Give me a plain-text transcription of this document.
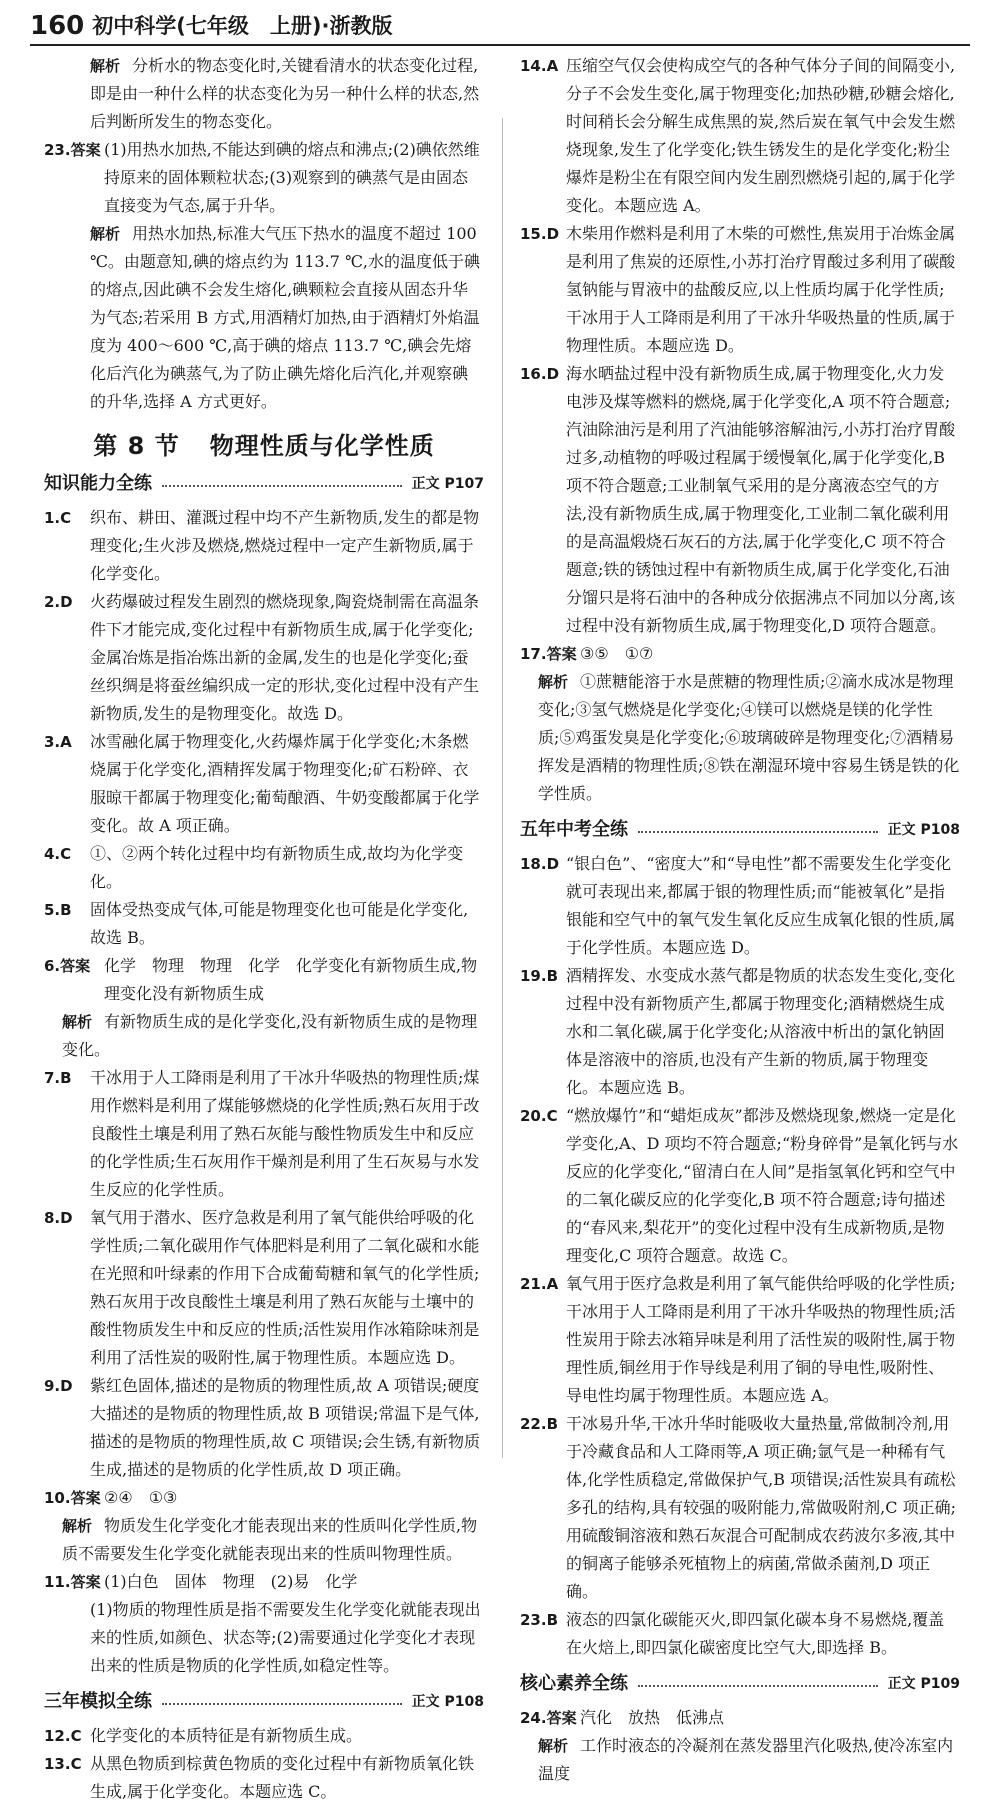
160 初中科学(七年级　上册)·浙教版

解析 分析水的物态变化时,关键看清水的状态变化过程,即是由一种什么样的状态变化为另一种什么样的状态,然后判断所发生的物态变化。

23.答案 (1)用热水加热,不能达到碘的熔点和沸点;(2)碘依然维持原来的固体颗粒状态;(3)观察到的碘蒸气是由固态直接变为气态,属于升华。

解析 用热水加热,标准大气压下热水的温度不超过 100 ℃。由题意知,碘的熔点约为 113.7 ℃,水的温度低于碘的熔点,因此碘不会发生熔化,碘颗粒会直接从固态升华为气态;若采用 B 方式,用酒精灯加热,由于酒精灯外焰温度为 400～600 ℃,高于碘的熔点 113.7 ℃,碘会先熔化后汽化为碘蒸气,为了防止碘先熔化后汽化,并观察碘的升华,选择 A 方式更好。

第 8 节 物理性质与化学性质
知识能力全练	正文 P107

1.C 织布、耕田、灌溉过程中均不产生新物质,发生的都是物理变化;生火涉及燃烧,燃烧过程中一定产生新物质,属于化学变化。

2.D 火药爆破过程发生剧烈的燃烧现象,陶瓷烧制需在高温条件下才能完成,变化过程中有新物质生成,属于化学变化;金属冶炼是指冶炼出新的金属,发生的也是化学变化;蚕丝织绸是将蚕丝编织成一定的形状,变化过程中没有产生新物质,发生的是物理变化。故选 D。

3.A 冰雪融化属于物理变化,火药爆炸属于化学变化;木条燃烧属于化学变化,酒精挥发属于物理变化;矿石粉碎、衣服晾干都属于物理变化;葡萄酿酒、牛奶变酸都属于化学变化。故 A 项正确。

4.C ①、②两个转化过程中均有新物质生成,故均为化学变化。

5.B 固体受热变成气体,可能是物理变化也可能是化学变化,故选 B。

6.答案 化学　物理　物理　化学　化学变化有新物质生成,物理变化没有新物质生成

解析 有新物质生成的是化学变化,没有新物质生成的是物理变化。

7.B 干冰用于人工降雨是利用了干冰升华吸热的物理性质;煤用作燃料是利用了煤能够燃烧的化学性质;熟石灰用于改良酸性土壤是利用了熟石灰能与酸性物质发生中和反应的化学性质;生石灰用作干燥剂是利用了生石灰易与水发生反应的化学性质。

8.D 氧气用于潜水、医疗急救是利用了氧气能供给呼吸的化学性质;二氧化碳用作气体肥料是利用了二氧化碳和水能在光照和叶绿素的作用下合成葡萄糖和氧气的化学性质;熟石灰用于改良酸性土壤是利用了熟石灰能与土壤中的酸性物质发生中和反应的性质;活性炭用作冰箱除味剂是利用了活性炭的吸附性,属于物理性质。本题应选 D。

9.D 紫红色固体,描述的是物质的物理性质,故 A 项错误;硬度大描述的是物质的物理性质,故 B 项错误;常温下是气体,描述的是物质的物理性质,故 C 项错误;会生锈,有新物质生成,描述的是物质的化学性质,故 D 项正确。

10.答案 ②④　①③

解析 物质发生化学变化才能表现出来的性质叫化学性质,物质不需要发生化学变化就能表现出来的性质叫物理性质。

11.答案 (1)白色　固体　物理　(2)易　化学

(1)物质的物理性质是指不需要发生化学变化就能表现出来的性质,如颜色、状态等;(2)需要通过化学变化才表现出来的性质是物质的化学性质,如稳定性等。

三年模拟全练	正文 P108

12.C 化学变化的本质特征是有新物质生成。

13.C 从黑色物质到棕黄色物质的变化过程中有新物质氧化铁生成,属于化学变化。本题应选 C。

14.A 压缩空气仅会使构成空气的各种气体分子间的间隔变小,分子不会发生变化,属于物理变化;加热砂糖,砂糖会熔化,时间稍长会分解生成焦黑的炭,然后炭在氧气中会发生燃烧现象,发生了化学变化;铁生锈发生的是化学变化;粉尘爆炸是粉尘在有限空间内发生剧烈燃烧引起的,属于化学变化。本题应选 A。

15.D 木柴用作燃料是利用了木柴的可燃性,焦炭用于冶炼金属是利用了焦炭的还原性,小苏打治疗胃酸过多利用了碳酸氢钠能与胃液中的盐酸反应,以上性质均属于化学性质;干冰用于人工降雨是利用了干冰升华吸热量的性质,属于物理性质。本题应选 D。

16.D 海水晒盐过程中没有新物质生成,属于物理变化,火力发电涉及煤等燃料的燃烧,属于化学变化,A 项不符合题意;汽油除油污是利用了汽油能够溶解油污,小苏打治疗胃酸过多,动植物的呼吸过程属于缓慢氧化,属于化学变化,B 项不符合题意;工业制氧气采用的是分离液态空气的方法,没有新物质生成,属于物理变化,工业制二氧化碳利用的是高温煅烧石灰石的方法,属于化学变化,C 项不符合题意;铁的锈蚀过程中有新物质生成,属于化学变化,石油分馏只是将石油中的各种成分依据沸点不同加以分离,该过程中没有新物质生成,属于物理变化,D 项符合题意。

17.答案 ③⑤　①⑦

解析 ①蔗糖能溶于水是蔗糖的物理性质;②滴水成冰是物理变化;③氢气燃烧是化学变化;④镁可以燃烧是镁的化学性质;⑤鸡蛋发臭是化学变化;⑥玻璃破碎是物理变化;⑦酒精易挥发是酒精的物理性质;⑧铁在潮湿环境中容易生锈是铁的化学性质。

五年中考全练	正文 P108

18.D “银白色”、“密度大”和“导电性”都不需要发生化学变化就可表现出来,都属于银的物理性质;而“能被氧化”是指银能和空气中的氧气发生氧化反应生成氧化银的性质,属于化学性质。本题应选 D。

19.B 酒精挥发、水变成水蒸气都是物质的状态发生变化,变化过程中没有新物质产生,都属于物理变化;酒精燃烧生成水和二氧化碳,属于化学变化;从溶液中析出的氯化钠固体是溶液中的溶质,也没有产生新的物质,属于物理变化。本题应选 B。

20.C “燃放爆竹”和“蜡炬成灰”都涉及燃烧现象,燃烧一定是化学变化,A、D 项均不符合题意;“粉身碎骨”是氧化钙与水反应的化学变化,“留清白在人间”是指氢氧化钙和空气中的二氧化碳反应的化学变化,B 项不符合题意;诗句描述的“春风来,梨花开”的变化过程中没有生成新物质,是物理变化,C 项符合题意。故选 C。

21.A 氧气用于医疗急救是利用了氧气能供给呼吸的化学性质;干冰用于人工降雨是利用了干冰升华吸热的物理性质;活性炭用于除去冰箱异味是利用了活性炭的吸附性,属于物理性质,铜丝用于作导线是利用了铜的导电性,吸附性、导电性均属于物理性质。本题应选 A。

22.B 干冰易升华,干冰升华时能吸收大量热量,常做制冷剂,用于冷藏食品和人工降雨等,A 项正确;氩气是一种稀有气体,化学性质稳定,常做保护气,B 项错误;活性炭具有疏松多孔的结构,具有较强的吸附能力,常做吸附剂,C 项正确;用硫酸铜溶液和熟石灰混合可配制成农药波尔多液,其中的铜离子能够杀死植物上的病菌,常做杀菌剂,D 项正确。

23.B 液态的四氯化碳能灭火,即四氯化碳本身不易燃烧,覆盖在火焙上,即四氯化碳密度比空气大,即选择 B。

核心素养全练	正文 P109

24.答案 汽化　放热　低沸点

解析 工作时液态的冷凝剂在蒸发器里汽化吸热,使冷冻室内温度
